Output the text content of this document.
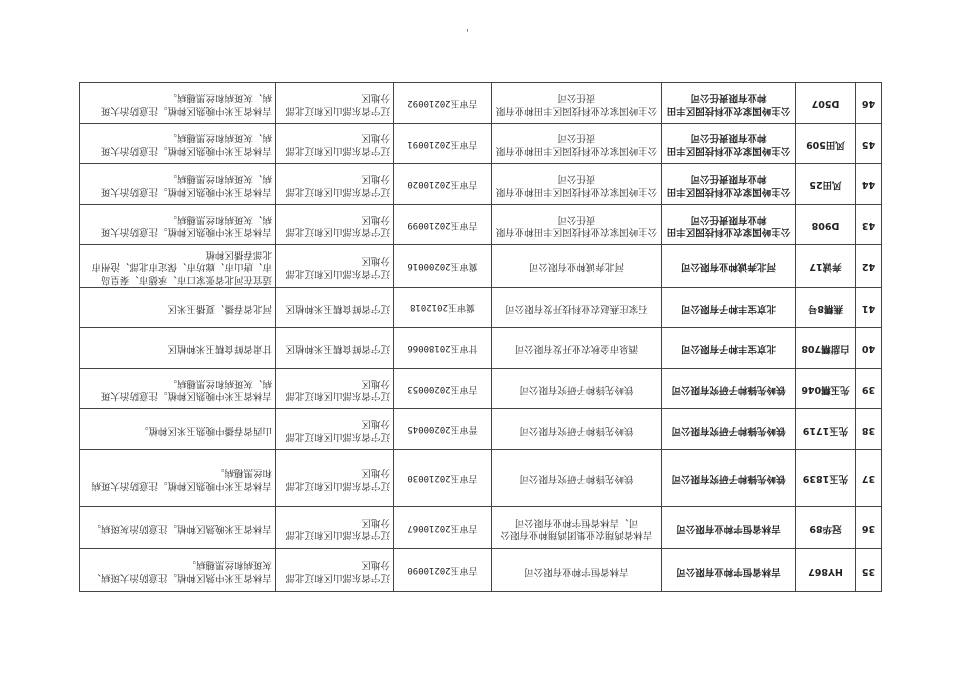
'
35	HY867	吉林省恒宇种业有限公司	吉林省恒宇种业有限公司	吉审玉20210090	辽宁省东部山区和辽北部分地区	吉林省玉米中熟区种植。注意防治大斑病、灰斑病和丝黑穗病。
36	冠华89	吉林省恒宇种业有限公司	吉林省鸿翔农业集团鸿翔种业有限公司、吉林省恒宇种业有限公司	吉审玉20210067	辽宁省东部山区和辽北部分地区	吉林省玉米晚熟区种植。注意防治灰斑病。
37	先玉1839	铁岭先锋种子研究有限公司	铁岭先锋种子研究有限公司	吉审玉20210030	辽宁省东部山区和辽北部分地区	吉林省玉米中晚熟区种植。注意防治大斑病和丝黑穗病。
38	先玉1719	铁岭先锋种子研究有限公司	铁岭先锋种子研究有限公司	晋审玉20200045	辽宁省东部山区和辽北部分地区	山西省春播中晚熟玉米区种植。
39	先玉糯046	铁岭先锋种子研究有限公司	铁岭先锋种子研究有限公司	吉审玉20200053	辽宁省东部山区和辽北部分地区	吉林省玉米中晚熟区种植。注意防治大斑病、灰斑病和丝黑穗病。
40	白甜糯708	北京宝丰种子有限公司	酒泉市金秋农业开发有限公司	甘审玉20180066	辽宁省鲜食糯玉米种植区	甘肃省鲜食糯玉米种植区
41	燕糯8号	北京宝丰种子有限公司	石家庄燕赵农业科技开发有限公司	冀审玉2012018	辽宁省鲜食糯玉米种植区	河北省春播、夏播玉米区
42	奔诚17	河北奔诚种业有限公司	河北奔诚种业有限公司	冀审玉20200016	辽宁省东部山区和辽北部分地区	适宜在河北省张家口市、承德市、秦皇岛市、唐山市、廊坊市、保定市北部、沧州市北部春播区种植
43	D908	公主岭国家农业科技园区丰田种业有限责任公司	公主岭国家农业科技园区丰田种业有限责任公司	吉审玉20210099	辽宁省东部山区和辽北部分地区	吉林省玉米中晚熟区种植。注意防治大斑病、灰斑病和丝黑穗病。
44	风田25	公主岭国家农业科技园区丰田种业有限责任公司	公主岭国家农业科技园区丰田种业有限责任公司	吉审玉20210020	辽宁省东部山区和辽北部分地区	吉林省玉米中晚熟区种植。注意防治大斑病、灰斑病和丝黑穗病。
45	风田509	公主岭国家农业科技园区丰田种业有限责任公司	公主岭国家农业科技园区丰田种业有限责任公司	吉审玉20210091	辽宁省东部山区和辽北部分地区	吉林省玉米中晚熟区种植。注意防治大斑病、灰斑病和丝黑穗病。
46	D507	公主岭国家农业科技园区丰田种业有限责任公司	公主岭国家农业科技园区丰田种业有限责任公司	吉审玉20210092	辽宁省东部山区和辽北部分地区	吉林省玉米中晚熟区种植。注意防治大斑病、灰斑病和丝黑穗病。
